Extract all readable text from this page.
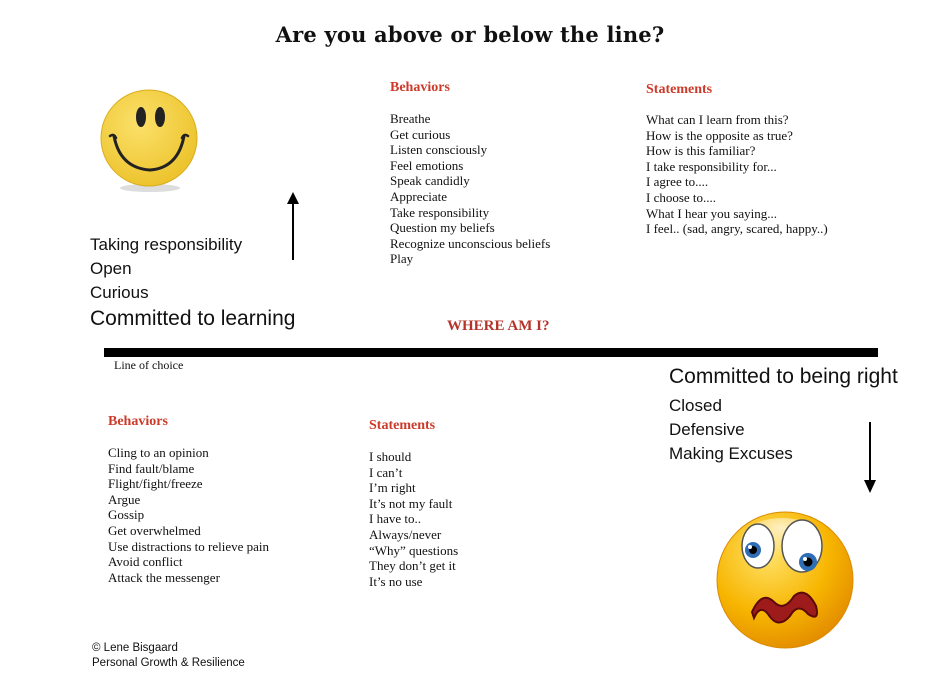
Are you above or below the line?
Taking responsibility
Open
Curious
Committed to learning
Behaviors
Breathe
Get curious
Listen consciously
Feel emotions
Speak candidly
Appreciate
Take responsibility
Question my beliefs
Recognize unconscious beliefs
Play
Statements
What can I learn from this?
How is the opposite as true?
How is this familiar?
I take responsibility for...
I agree to....
I choose to....
What I hear you saying...
I feel.. (sad, angry, scared, happy..)
WHERE AM I?
Line of choice	Committed to being right
Closed
Defensive
Making Excuses
Behaviors
Cling to an opinion
Find fault/blame
Flight/fight/freeze
Argue
Gossip
Get overwhelmed
Use distractions to relieve pain
Avoid conflict
Attack the messenger
Statements
I should
I can’t
I’m right
It’s not my fault
I have to..
Always/never
“Why” questions
They don’t get it
It’s no use
© Lene Bisgaard
Personal Growth & Resilience
